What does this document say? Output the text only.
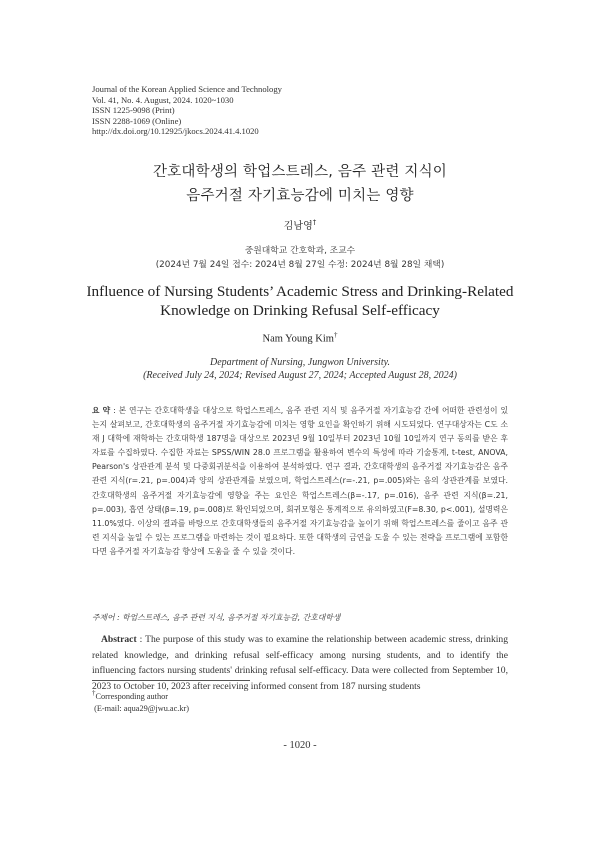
Journal of the Korean Applied Science and Technology
Vol. 41, No. 4. August, 2024. 1020~1030
ISSN 1225-9098 (Print)
ISSN 2288-1069 (Online)
http://dx.doi.org/10.12925/jkocs.2024.41.4.1020
간호대학생의 학업스트레스, 음주 관련 지식이
음주거절 자기효능감에 미치는 영향
김남영†
중원대학교 간호학과, 조교수
(2024년 7월 24일 접수: 2024년 8월 27일 수정: 2024년 8월 28일 채택)
Influence of Nursing Students’ Academic Stress and Drinking-Related
Knowledge on Drinking Refusal Self-efficacy
Nam Young Kim†
Department of Nursing, Jungwon University.
(Received July 24, 2024; Revised August 27, 2024; Accepted August 28, 2024)
요 약 : 본 연구는 간호대학생을 대상으로 학업스트레스, 음주 관련 지식 및 음주거절 자기효능감 간에 어떠한 관련성이 있는지 살펴보고, 간호대학생의 음주거절 자기효능감에 미치는 영향 요인을 확인하기 위해 시도되었다. 연구대상자는 C도 소재 J 대학에 재학하는 간호대학생 187명을 대상으로 2023년 9월 10일부터 2023년 10월 10일까지 연구 동의를 받은 후 자료를 수집하였다. 수집한 자료는 SPSS/WIN 28.0 프로그램을 활용하여 변수의 특성에 따라 기술통계, t-test, ANOVA, Pearson's 상관관계 분석 및 다중회귀분석을 이용하여 분석하였다. 연구 결과, 간호대학생의 음주거절 자기효능감은 음주 관련 지식(r=.21, p=.004)과 양의 상관관계를 보였으며, 학업스트레스(r=-.21, p=.005)와는 음의 상관관계를 보였다. 간호대학생의 음주거절 자기효능감에 영향을 주는 요인은 학업스트레스(β=-.17, p=.016), 음주 관련 지식(β=.21, p=.003), 흡연 상태(β=.19, p=.008)로 확인되었으며, 회귀모형은 통계적으로 유의하였고(F=8.30, p<.001), 설명력은 11.0%였다. 이상의 결과를 바탕으로 간호대학생들의 음주거절 자기효능감을 높이기 위해 학업스트레스를 줄이고 음주 관련 지식을 높일 수 있는 프로그램을 마련하는 것이 필요하다. 또한 대학생의 금연을 도울 수 있는 전략을 프로그램에 포함한다면 음주거절 자기효능감 향상에 도움을 줄 수 있을 것이다.
주제어 : 학업스트레스, 음주 관련 지식, 음주거절 자기효능감, 간호대학생
Abstract : The purpose of this study was to examine the relationship between academic stress, drinking related knowledge, and drinking refusal self-efficacy among nursing students, and to identify the influencing factors nursing students' drinking refusal self-efficacy. Data were collected from September 10, 2023 to October 10, 2023 after receiving informed consent from 187 nursing students
†Corresponding author
(E-mail: aqua29@jwu.ac.kr)
- 1020 -
